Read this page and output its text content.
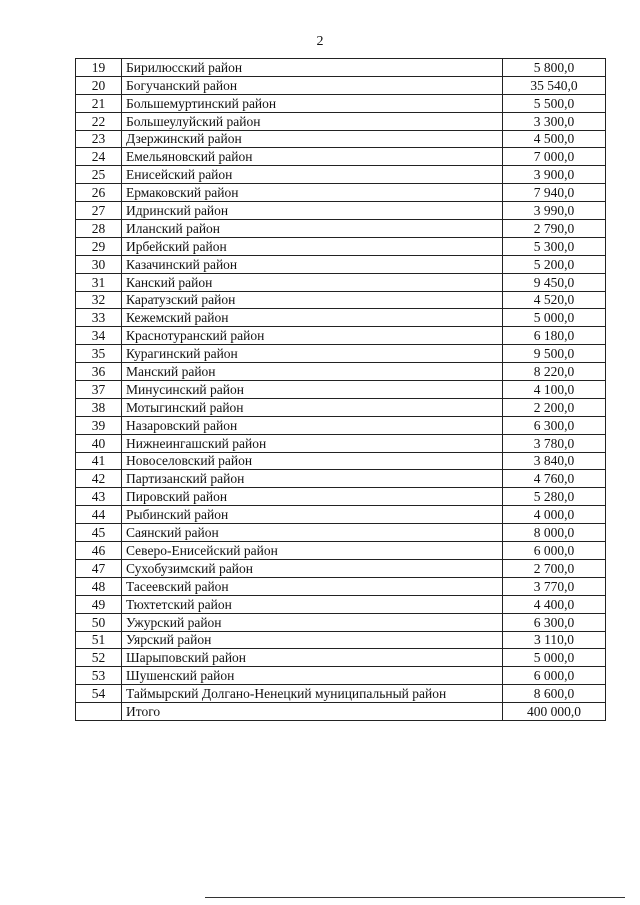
2
19	Бирилюсский район	5 800,0
20	Богучанский район	35 540,0
21	Большемуртинский район	5 500,0
22	Большеулуйский район	3 300,0
23	Дзержинский район	4 500,0
24	Емельяновский район	7 000,0
25	Енисейский район	3 900,0
26	Ермаковский район	7 940,0
27	Идринский район	3 990,0
28	Иланский район	2 790,0
29	Ирбейский район	5 300,0
30	Казачинский район	5 200,0
31	Канский район	9 450,0
32	Каратузский район	4 520,0
33	Кежемский район	5 000,0
34	Краснотуранский район	6 180,0
35	Курагинский район	9 500,0
36	Манский район	8 220,0
37	Минусинский район	4 100,0
38	Мотыгинский район	2 200,0
39	Назаровский район	6 300,0
40	Нижнеингашский район	3 780,0
41	Новоселовский район	3 840,0
42	Партизанский район	4 760,0
43	Пировский район	5 280,0
44	Рыбинский район	4 000,0
45	Саянский район	8 000,0
46	Северо-Енисейский район	6 000,0
47	Сухобузимский район	2 700,0
48	Тасеевский район	3 770,0
49	Тюхтетский район	4 400,0
50	Ужурский район	6 300,0
51	Уярский район	3 110,0
52	Шарыповский район	5 000,0
53	Шушенский район	6 000,0
54	Таймырский Долгано-Ненецкий муниципальный район	8 600,0
	Итого	400 000,0
